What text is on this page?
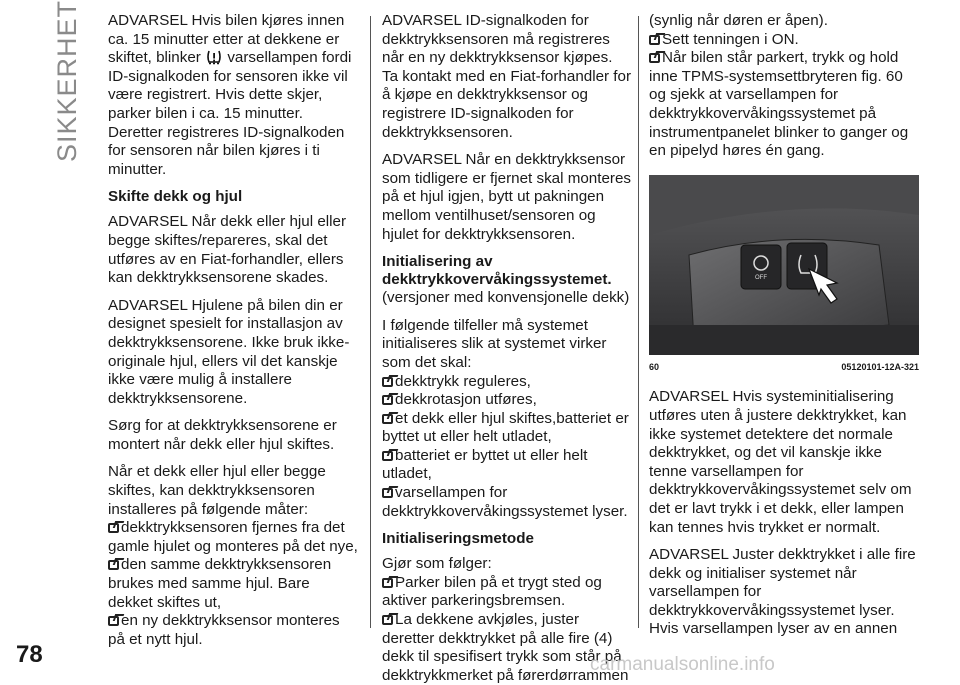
SIKKERHET
78

ADVARSEL Hvis bilen kjøres innen ca. 15 minutter etter at dekkene er skiftet, blinker varsellampen fordi ID-signalkoden for sensoren ikke vil være registrert. Hvis dette skjer, parker bilen i ca. 15 minutter. Deretter registreres ID-signalkoden for sensoren når bilen kjøres i ti minutter.

Skifte dekk og hjul

ADVARSEL Når dekk eller hjul eller begge skiftes/repareres, skal det utføres av en Fiat-forhandler, ellers kan dekktrykksensorene skades.

ADVARSEL Hjulene på bilen din er designet spesielt for installasjon av dekktrykksensorene. Ikke bruk ikke-originale hjul, ellers vil det kanskje ikke være mulig å installere dekktrykksensorene.

Sørg for at dekktrykksensorene er montert når dekk eller hjul skiftes.

Når et dekk eller hjul eller begge skiftes, kan dekktrykksensoren installeres på følgende måter:

dekktrykksensoren fjernes fra det gamle hjulet og monteres på det nye,

den samme dekktrykksensoren brukes med samme hjul. Bare dekket skiftes ut,

en ny dekktrykksensor monteres på et nytt hjul.

ADVARSEL ID-signalkoden for dekktrykksensoren må registreres når en ny dekktrykksensor kjøpes. Ta kontakt med en Fiat-forhandler for å kjøpe en dekktrykksensor og registrere ID-signalkoden for dekktrykksensoren.

ADVARSEL Når en dekktrykksensor som tidligere er fjernet skal monteres på et hjul igjen, bytt ut pakningen mellom ventilhuset/sensoren og hjulet for dekktrykksensoren.

Initialisering av dekktrykkovervåkingssystemet.

(versjoner med konvensjonelle dekk)

I følgende tilfeller må systemet initialiseres slik at systemet virker som det skal:

dekktrykk reguleres,

dekkrotasjon utføres,

et dekk eller hjul skiftes,batteriet er byttet ut eller helt utladet,

batteriet er byttet ut eller helt utladet,

varsellampen for dekktrykkovervåkingssystemet lyser.

Initialiseringsmetode

Gjør som følger:

Parker bilen på et trygt sted og aktiver parkeringsbremsen.

La dekkene avkjøles, juster deretter dekktrykket på alle fire (4) dekk til spesifisert trykk som står på dekktrykkmerket på førerdørrammen

(synlig når døren er åpen).

Sett tenningen i ON.

Når bilen står parkert, trykk og hold inne TPMS-systemsettbryteren fig. 60 og sjekk at varsellampen for dekktrykkovervåkingssystemet på instrumentpanelet blinker to ganger og en pipelyd høres én gang.

OFF
60	05120101-12A-321

ADVARSEL Hvis systeminitialisering utføres uten å justere dekktrykket, kan ikke systemet detektere det normale dekktrykket, og det vil kanskje ikke tenne varsellampen for dekktrykkovervåkingssystemet selv om det er lavt trykk i et dekk, eller lampen kan tennes hvis trykket er normalt.

ADVARSEL Juster dekktrykket i alle fire dekk og initialiser systemet når varsellampen for dekktrykkovervåkingssystemet lyser. Hvis varsellampen lyser av en annen

carmanualsonline.info
